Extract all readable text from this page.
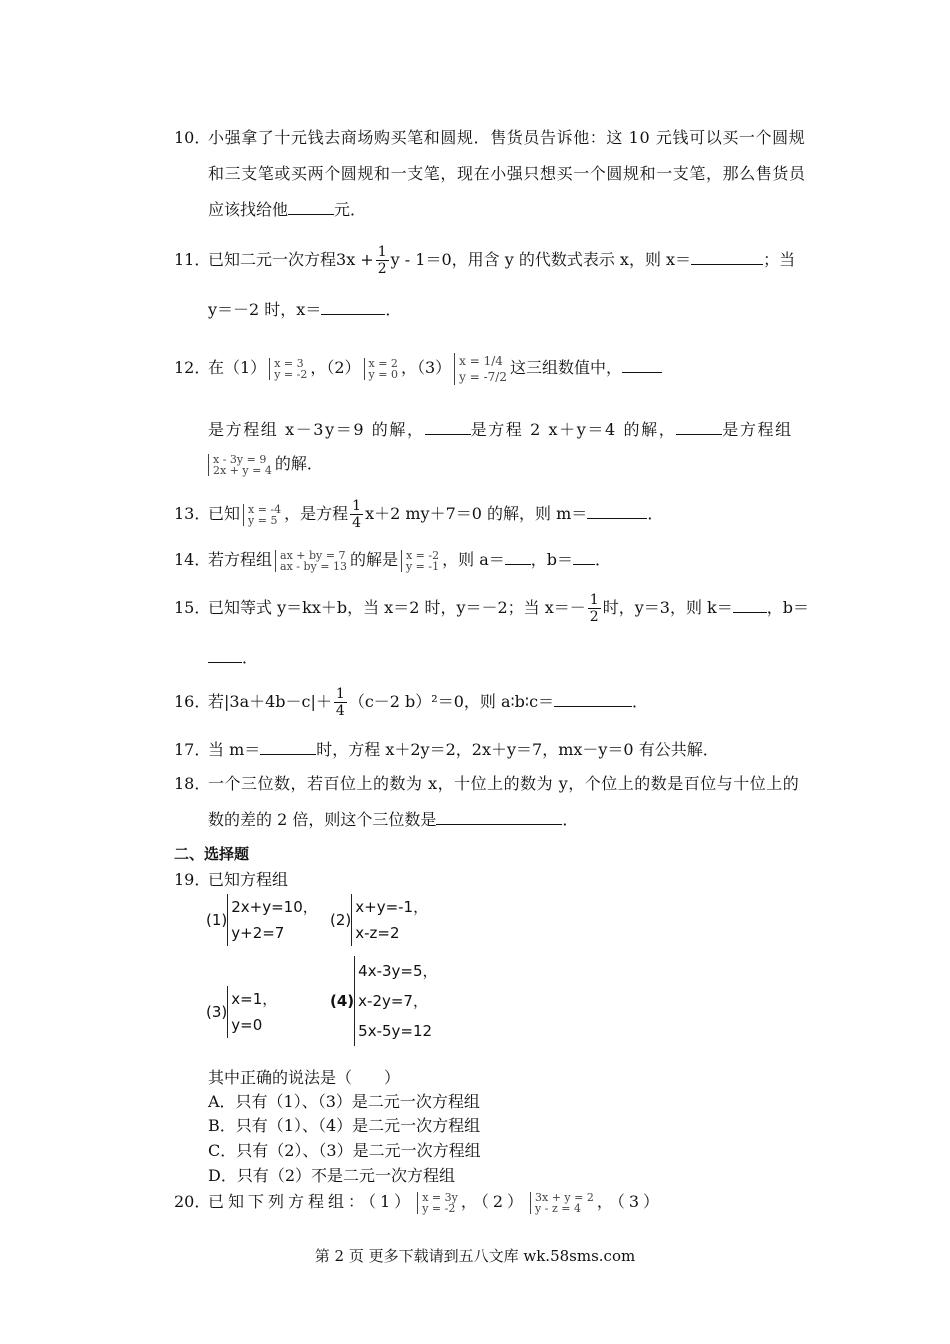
10．
小强拿了十元钱去商场购买笔和圆规．售货员告诉他：这 10 元钱可以买一个圆规
和三支笔或买两个圆规和一支笔，现在小强只想买一个圆规和一支笔，那么售货员
应该找给他	元．
11．
已知二元一次方程$3x + \frac{1}{2}$ y - 1＝0，用含 y 的代数式表示 x，则 x＝	；当
y＝－2 时，x＝	．
12．
在（1） x = 3
y = -2 ，（2） x = 2
y = 0 ，（3） x = 1/4
y = -7/2 这三组数值中，
是方程组 x－3y＝9 的解，	是方程 2 x＋y＝4 的解，	是方程组
x - 3y = 9
2x + y = 4 的解．
13．
已知 x = -4
y = 5 ，是方程 $\frac{1}{4} x+2$ my＋7＝0 的解，则 m＝	．
14．
若方程组 ax + by = 7
ax - by = 13 的解是 x = -2
y = -1 ，则 a＝ ，b＝ ．
15．
已知等式 y＝kx＋b，当 x＝2 时，y＝－2；当 $x=- \frac{1}{2}$ 时，y＝3，则 k＝ ，b＝
．
16．
若$|3a+4b-c|+ \frac{1}{4} (c-2$ b）²＝0，则 a∶b∶c＝	．
17．
当 m＝	时，方程 x＋2y＝2，2x＋y＝7，mx－y＝0 有公共解．
18．
一个三位数，若百位上的数为 x，十位上的数为 y，个位上的数是百位与十位上的
数的差的 2 倍，则这个三位数是	．
二、选择题
19．
已知方程组
(1)
2x+y=10，
y+2=7
(2)
x+y=-1，
x-z=2
(3)
x=1，
y=0
(4)
4x-3y=5，
x-2y=7，
5x-5y=12
其中正确的说法是（　　）
A．只有（1）、（3）是二元一次方程组
B．只有（1）、（4）是二元一次方程组
C．只有（2）、（3）是二元一次方程组
D．只有（2）不是二元一次方程组
20．
已知下列方程组：（1） x = 3y
y = -2 ，（2） 3x + y = 2
y - z = 4 ，（3）
第 2 页 更多下载请到五八文库 wk.58sms.com
